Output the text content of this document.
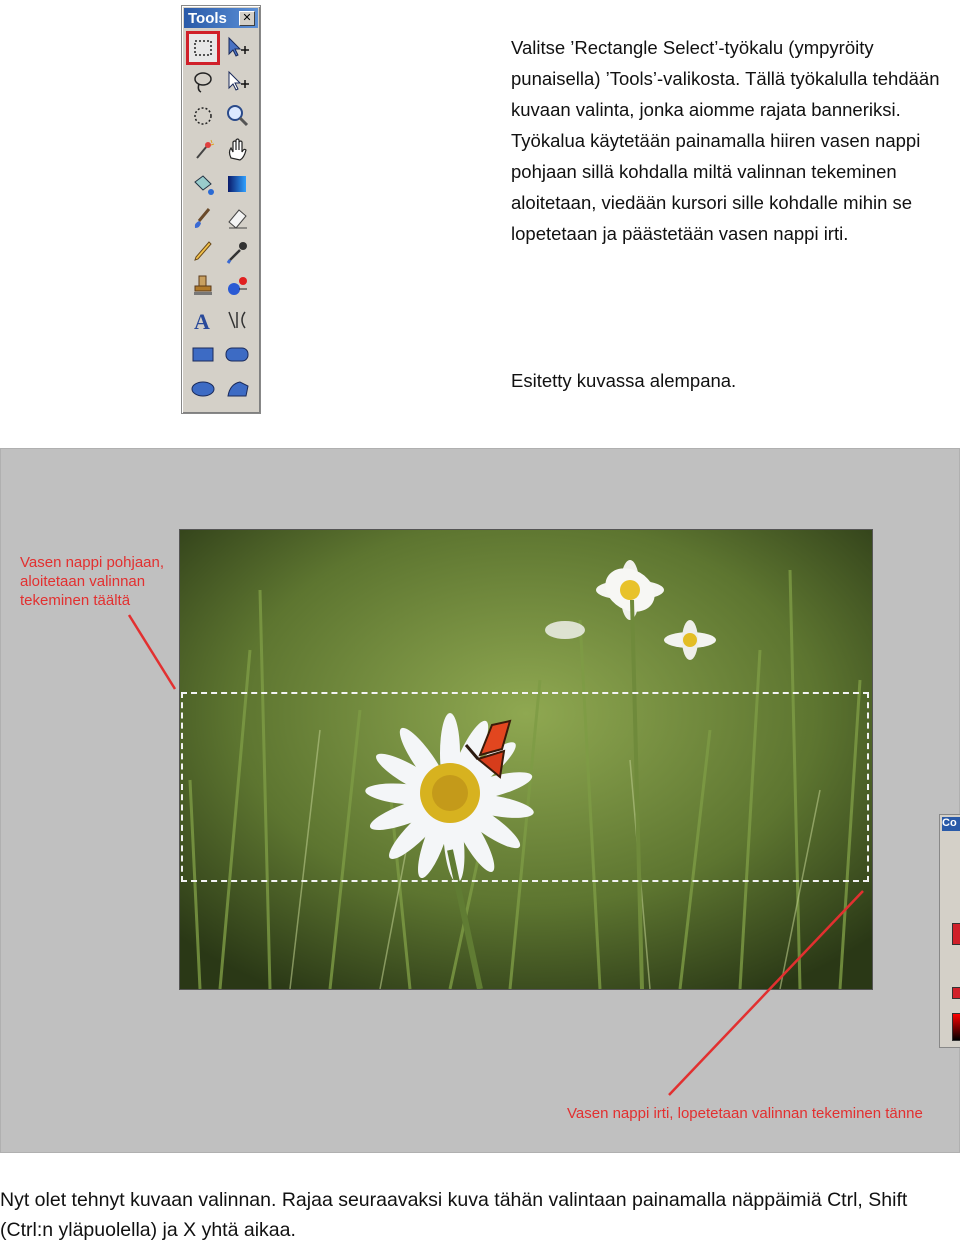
Tools	✕
A
Valitse ’Rectangle Select’-työkalu (ympyröity punaisella) ’Tools’-valikosta. Tällä työkalulla tehdään kuvaan valinta, jonka aiomme rajata banneriksi. Työkalua käytetään painamalla hiiren vasen nappi pohjaan sillä kohdalla miltä valinnan tekeminen aloitetaan, viedään kursori sille kohdalle mihin se lopetetaan ja päästetään vasen nappi irti.
Esitetty kuvassa alempana.
Vasen nappi pohjaan, aloitetaan valinnan tekeminen täältä
Vasen nappi irti, lopetetaan valinnan tekeminen tänne
Co
Nyt olet tehnyt kuvaan valinnan. Rajaa seuraavaksi kuva tähän valintaan painamalla näppäimiä Ctrl, Shift (Ctrl:n yläpuolella) ja X yhtä aikaa.
